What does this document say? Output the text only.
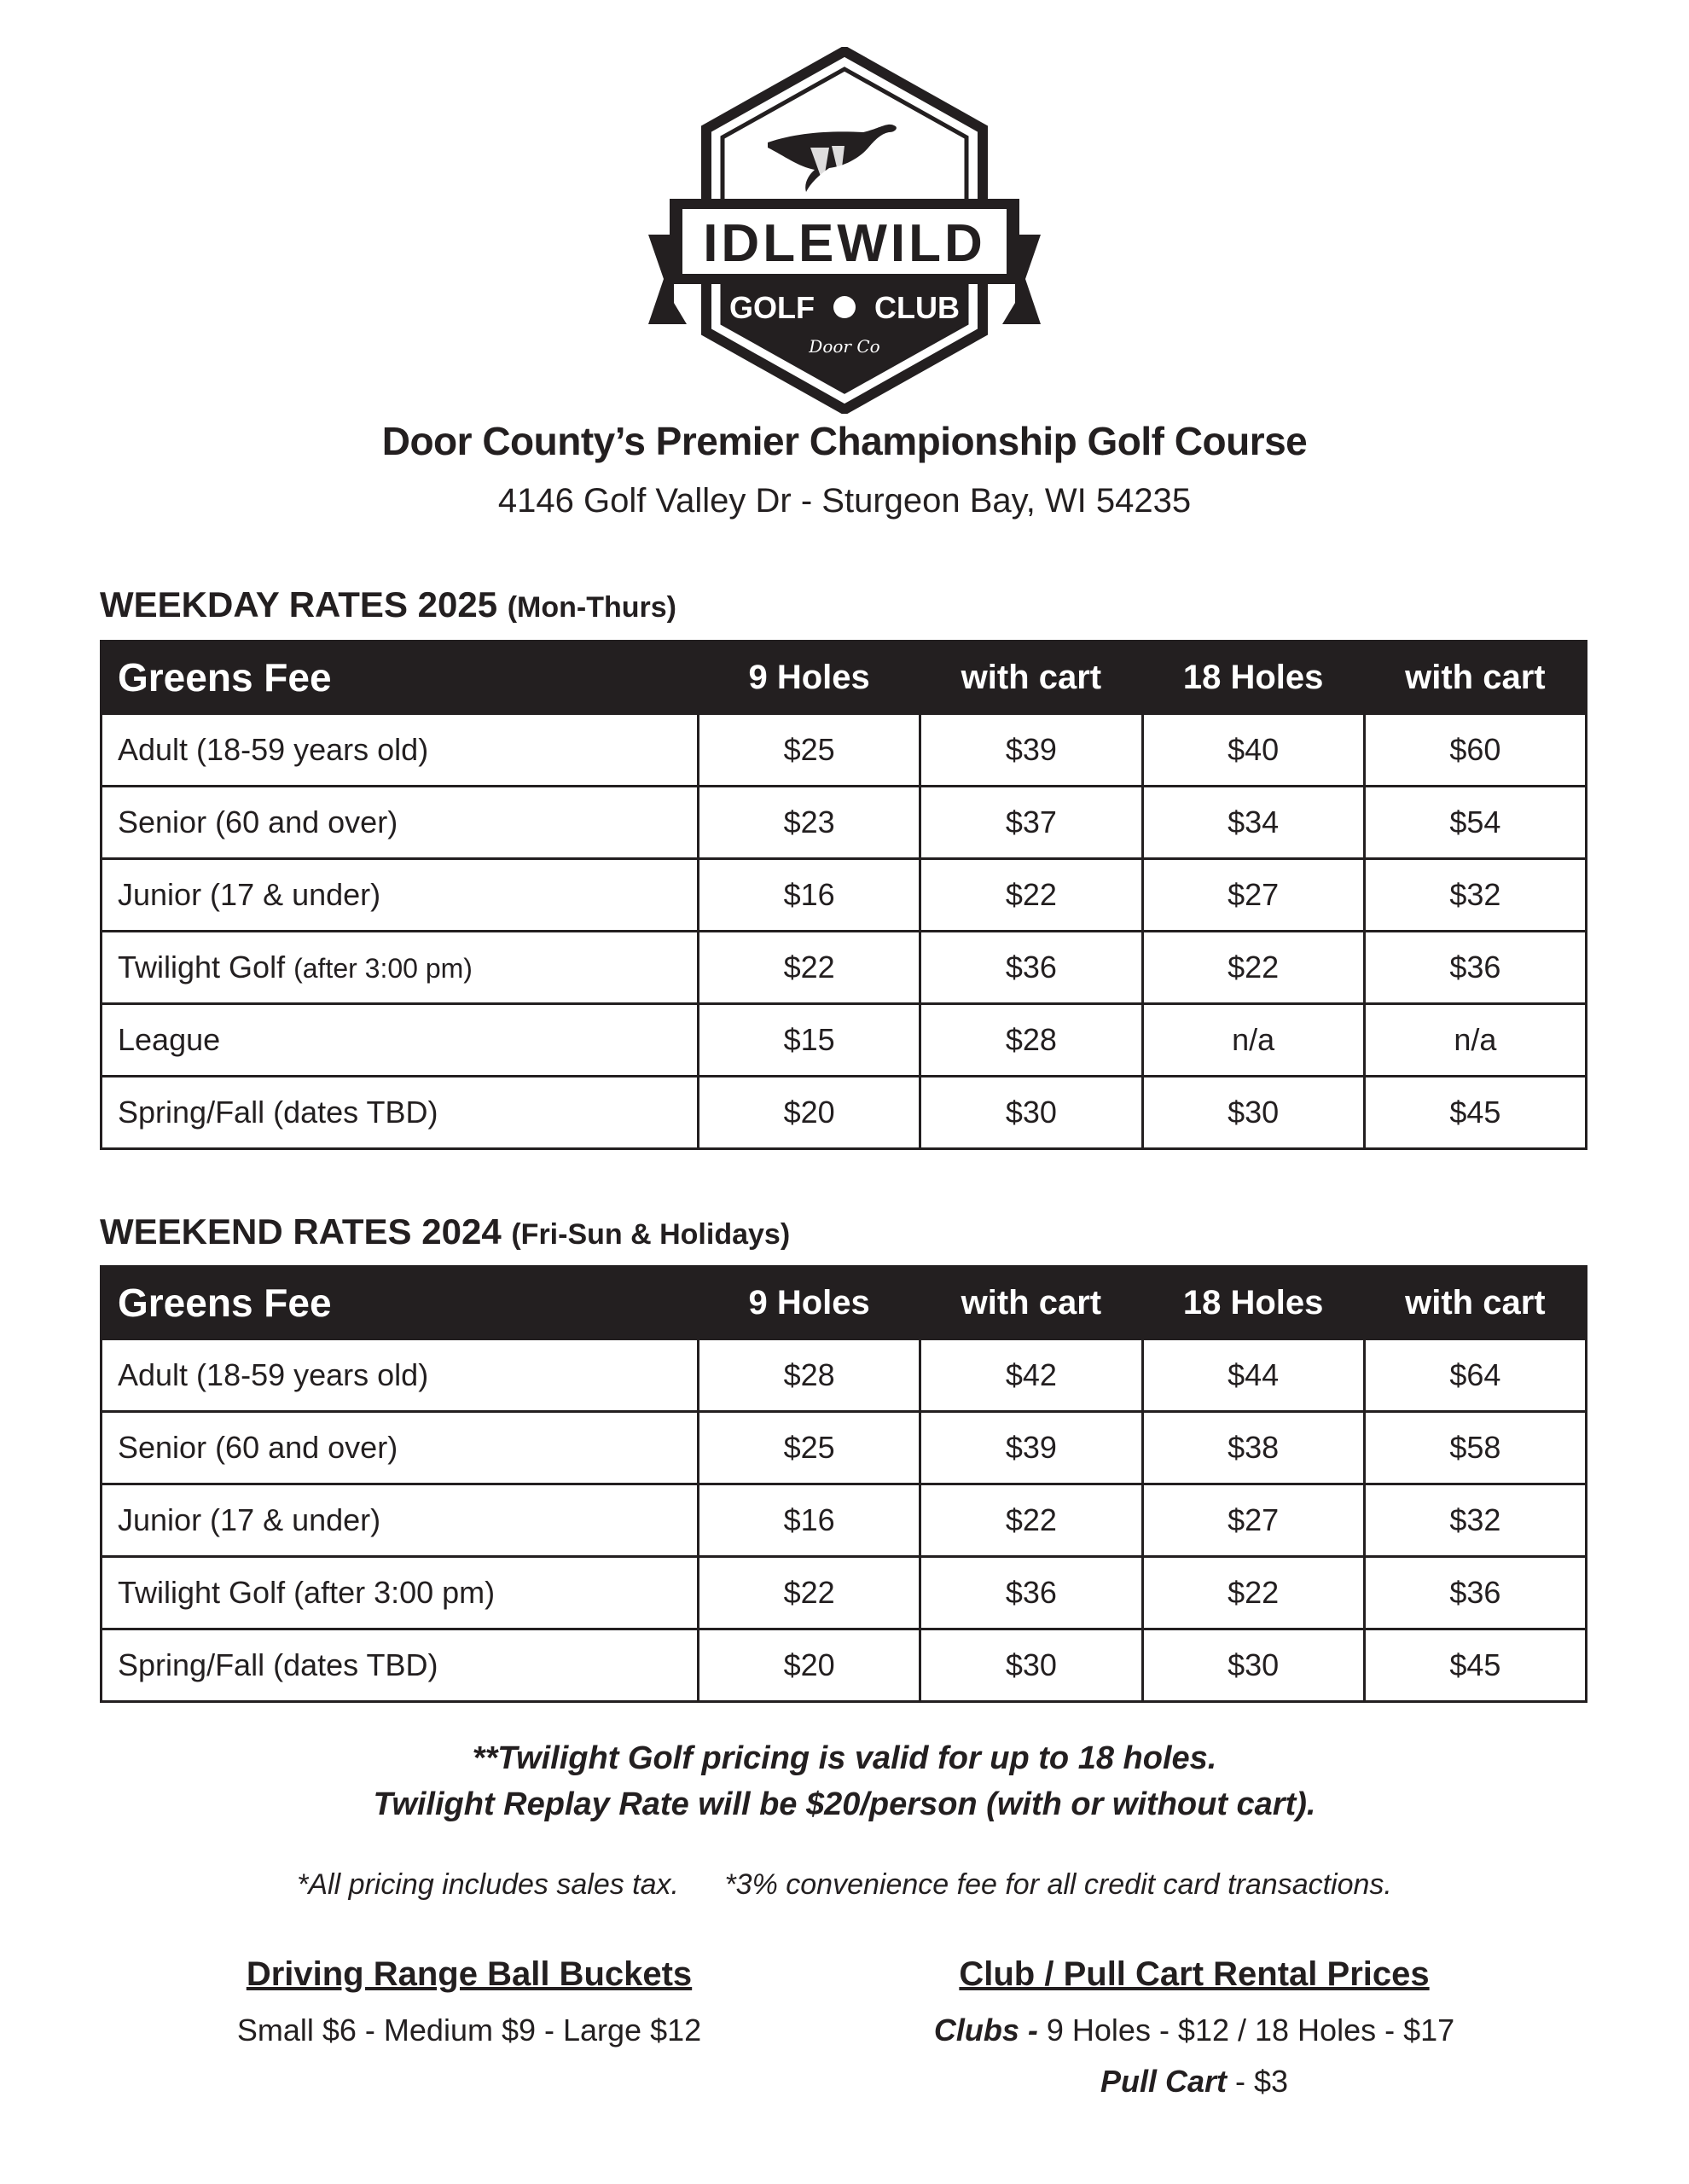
IDLEWILD
GOLF CLUB
Door Co
Door County’s Premier Championship Golf Course
4146 Golf Valley Dr - Sturgeon Bay, WI 54235
WEEKDAY RATES 2025 (Mon-Thurs)
Greens Fee	9 Holes	with cart	18 Holes	with cart
Adult (18-59 years old)	$25	$39	$40	$60
Senior (60 and over)	$23	$37	$34	$54
Junior (17 & under)	$16	$22	$27	$32
Twilight Golf (after 3:00 pm)	$22	$36	$22	$36
League	$15	$28	n/a	n/a
Spring/Fall (dates TBD)	$20	$30	$30	$45
WEEKEND RATES 2024 (Fri-Sun & Holidays)
Greens Fee	9 Holes	with cart	18 Holes	with cart
Adult (18-59 years old)	$28	$42	$44	$64
Senior (60 and over)	$25	$39	$38	$58
Junior (17 & under)	$16	$22	$27	$32
Twilight Golf (after 3:00 pm)	$22	$36	$22	$36
Spring/Fall (dates TBD)	$20	$30	$30	$45
**Twilight Golf pricing is valid for up to 18 holes.
Twilight Replay Rate will be $20/person (with or without cart).
*All pricing includes sales tax. *3% convenience fee for all credit card transactions.
Driving Range Ball Buckets
Small $6 - Medium $9 - Large $12
Club / Pull Cart Rental Prices
Clubs - 9 Holes - $12 / 18 Holes - $17
Pull Cart - $3
